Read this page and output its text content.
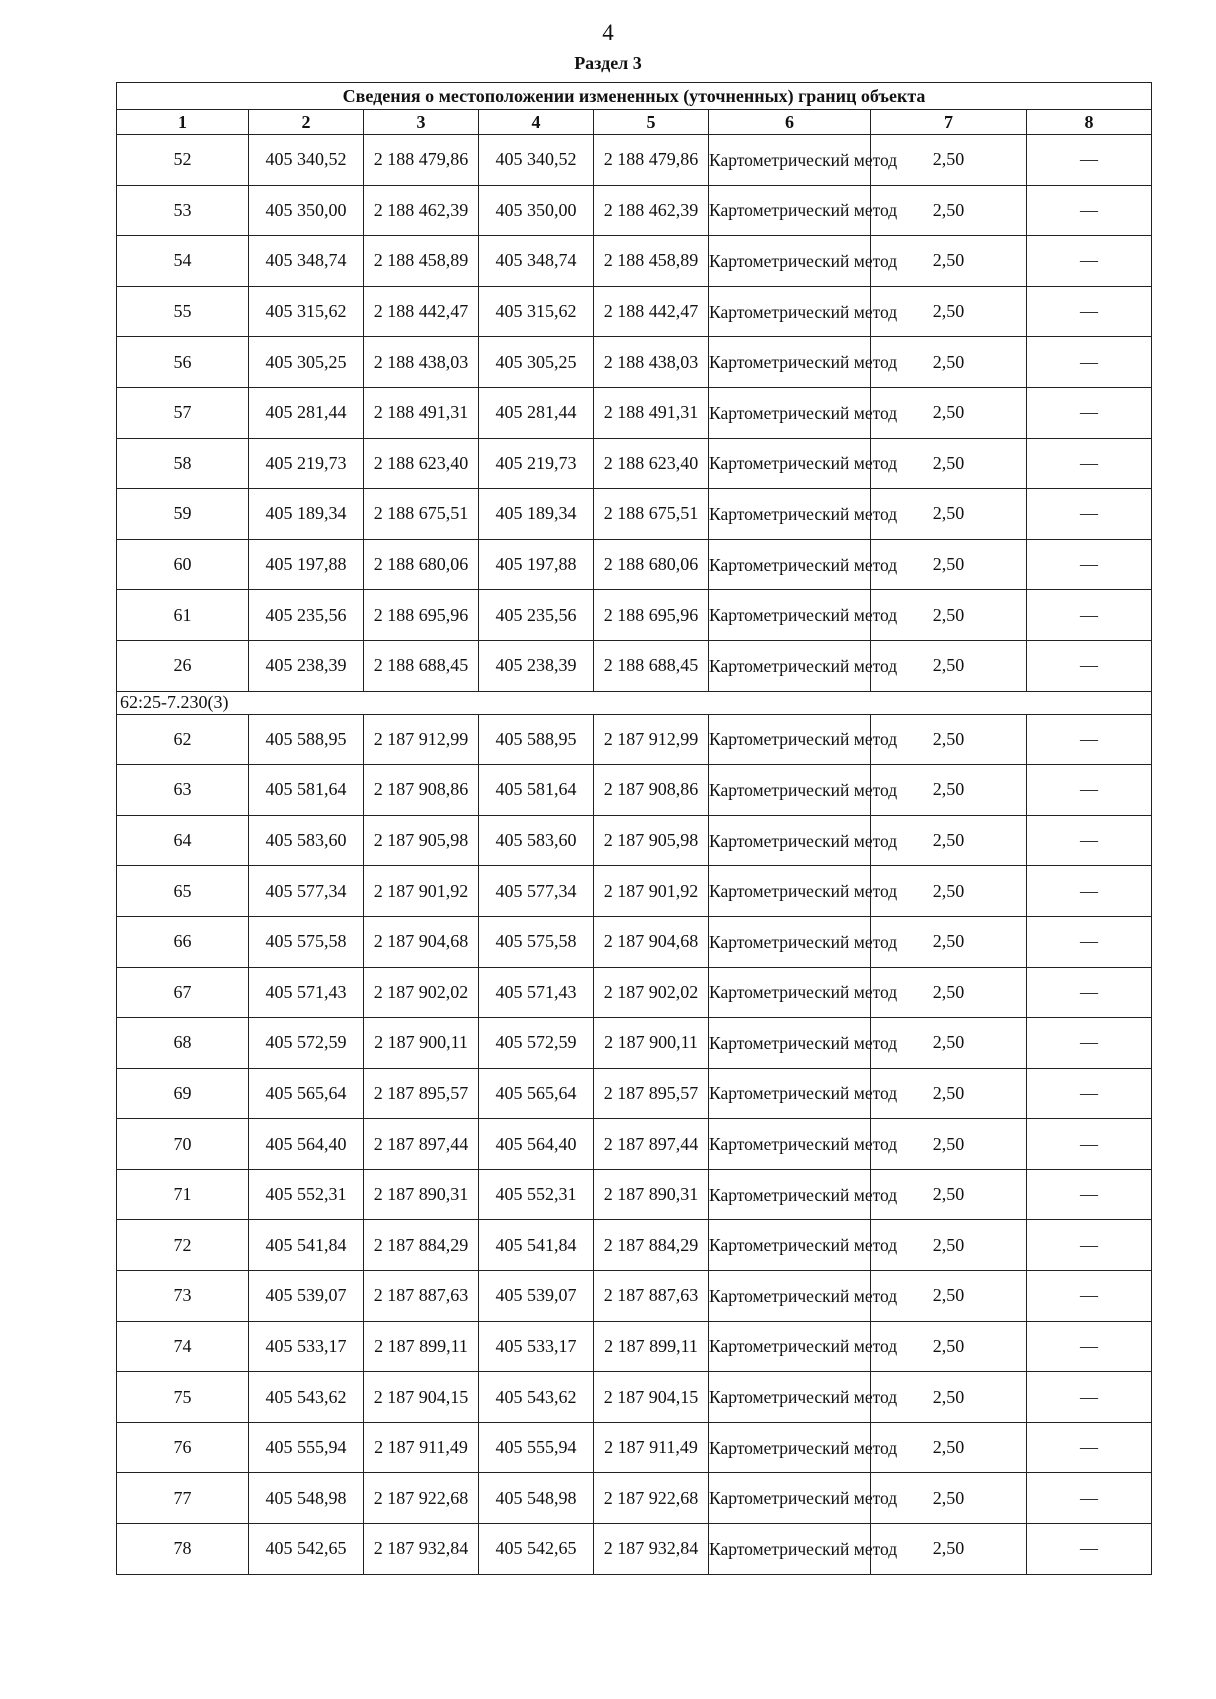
4
Раздел 3
Сведения о местоположении измененных (уточненных) границ объекта							
1	2	3	4	5	6	7	8
52	405 340,52	2 188 479,86	405 340,52	2 188 479,86	Картометрический метод	2,50	—
53	405 350,00	2 188 462,39	405 350,00	2 188 462,39	Картометрический метод	2,50	—
54	405 348,74	2 188 458,89	405 348,74	2 188 458,89	Картометрический метод	2,50	—
55	405 315,62	2 188 442,47	405 315,62	2 188 442,47	Картометрический метод	2,50	—
56	405 305,25	2 188 438,03	405 305,25	2 188 438,03	Картометрический метод	2,50	—
57	405 281,44	2 188 491,31	405 281,44	2 188 491,31	Картометрический метод	2,50	—
58	405 219,73	2 188 623,40	405 219,73	2 188 623,40	Картометрический метод	2,50	—
59	405 189,34	2 188 675,51	405 189,34	2 188 675,51	Картометрический метод	2,50	—
60	405 197,88	2 188 680,06	405 197,88	2 188 680,06	Картометрический метод	2,50	—
61	405 235,56	2 188 695,96	405 235,56	2 188 695,96	Картометрический метод	2,50	—
26	405 238,39	2 188 688,45	405 238,39	2 188 688,45	Картометрический метод	2,50	—
62:25-7.230(3)							
62	405 588,95	2 187 912,99	405 588,95	2 187 912,99	Картометрический метод	2,50	—
63	405 581,64	2 187 908,86	405 581,64	2 187 908,86	Картометрический метод	2,50	—
64	405 583,60	2 187 905,98	405 583,60	2 187 905,98	Картометрический метод	2,50	—
65	405 577,34	2 187 901,92	405 577,34	2 187 901,92	Картометрический метод	2,50	—
66	405 575,58	2 187 904,68	405 575,58	2 187 904,68	Картометрический метод	2,50	—
67	405 571,43	2 187 902,02	405 571,43	2 187 902,02	Картометрический метод	2,50	—
68	405 572,59	2 187 900,11	405 572,59	2 187 900,11	Картометрический метод	2,50	—
69	405 565,64	2 187 895,57	405 565,64	2 187 895,57	Картометрический метод	2,50	—
70	405 564,40	2 187 897,44	405 564,40	2 187 897,44	Картометрический метод	2,50	—
71	405 552,31	2 187 890,31	405 552,31	2 187 890,31	Картометрический метод	2,50	—
72	405 541,84	2 187 884,29	405 541,84	2 187 884,29	Картометрический метод	2,50	—
73	405 539,07	2 187 887,63	405 539,07	2 187 887,63	Картометрический метод	2,50	—
74	405 533,17	2 187 899,11	405 533,17	2 187 899,11	Картометрический метод	2,50	—
75	405 543,62	2 187 904,15	405 543,62	2 187 904,15	Картометрический метод	2,50	—
76	405 555,94	2 187 911,49	405 555,94	2 187 911,49	Картометрический метод	2,50	—
77	405 548,98	2 187 922,68	405 548,98	2 187 922,68	Картометрический метод	2,50	—
78	405 542,65	2 187 932,84	405 542,65	2 187 932,84	Картометрический метод	2,50	—
